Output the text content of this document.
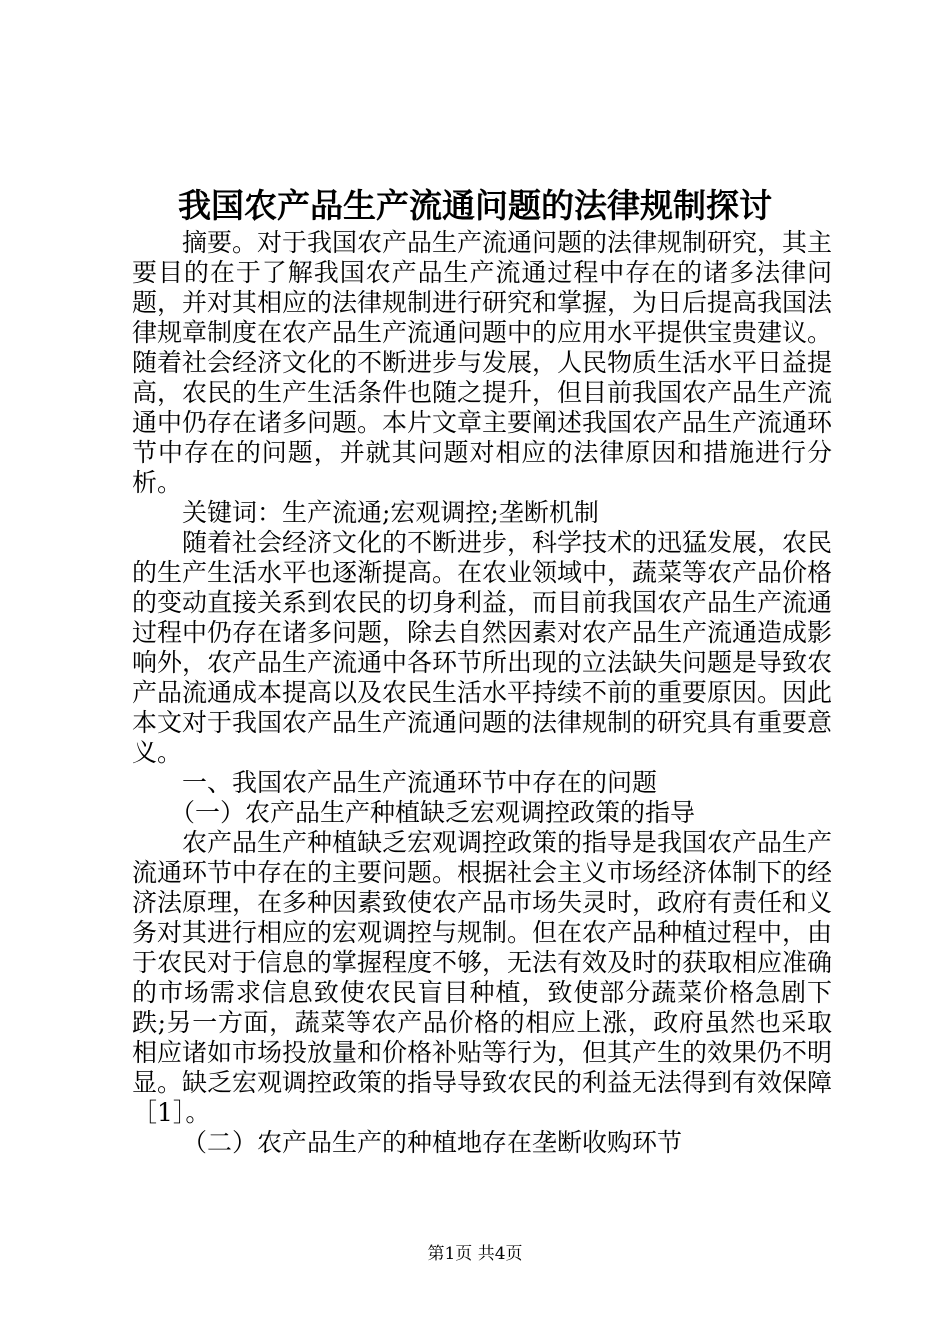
我国农产品生产流通问题的法律规制探讨

摘要。对于我国农产品生产流通问题的法律规制研究，其主要目的在于了解我国农产品生产流通过程中存在的诸多法律问题，并对其相应的法律规制进行研究和掌握，为日后提高我国法律规章制度在农产品生产流通问题中的应用水平提供宝贵建议。随着社会经济文化的不断进步与发展，人民物质生活水平日益提高，农民的生产生活条件也随之提升，但目前我国农产品生产流通中仍存在诸多问题。本片文章主要阐述我国农产品生产流通环节中存在的问题，并就其问题对相应的法律原因和措施进行分析。

关键词：生产流通;宏观调控;垄断机制

随着社会经济文化的不断进步，科学技术的迅猛发展，农民的生产生活水平也逐渐提高。在农业领域中，蔬菜等农产品价格的变动直接关系到农民的切身利益，而目前我国农产品生产流通过程中仍存在诸多问题，除去自然因素对农产品生产流通造成影响外，农产品生产流通中各环节所出现的立法缺失问题是导致农产品流通成本提高以及农民生活水平持续不前的重要原因。因此本文对于我国农产品生产流通问题的法律规制的研究具有重要意义。

一、我国农产品生产流通环节中存在的问题

（一）农产品生产种植缺乏宏观调控政策的指导

农产品生产种植缺乏宏观调控政策的指导是我国农产品生产流通环节中存在的主要问题。根据社会主义市场经济体制下的经济法原理，在多种因素致使农产品市场失灵时，政府有责任和义务对其进行相应的宏观调控与规制。但在农产品种植过程中，由于农民对于信息的掌握程度不够，无法有效及时的获取相应准确的市场需求信息致使农民盲目种植，致使部分蔬菜价格急剧下跌;另一方面，蔬菜等农产品价格的相应上涨，政府虽然也采取相应诸如市场投放量和价格补贴等行为，但其产生的效果仍不明显。缺乏宏观调控政策的指导导致农民的利益无法得到有效保障［1］。

（二）农产品生产的种植地存在垄断收购环节

第1页 共4页
